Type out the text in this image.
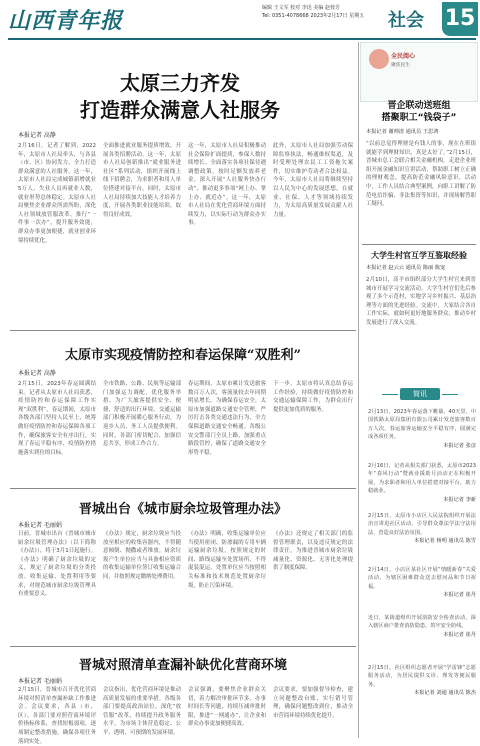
山西青年报	编辑 王文军 校对 李迅 美编 赵蓉芳
Tel: 0351-4078668 2023年2月17日 星期五	社会 15
太原三力齐发
打造群众满意人社服务
本报记者 高静
2月16日，记者了解到，2022年，太原市人社局牵头，与各县（市、区）协同发力，全力打造群众满意的人社服务。这一年，太原市人社局完成城镇新增就业5万人、失业人员再就业人数，就业形势总体稳定。太原市人社局聚焦企业群众所需所盼，深化人社领域放管服改革，推行“一件事一次办”，提升服务效能，群众办事更加便捷，就业创业环境持续优化。
全面推进就业服务提质增效，开展各类招聘活动。这一年，太原市人社局创新推出“就业服务进社区”系列活动，组织开展线上线下招聘会，为求职者和用人单位搭建对接平台。同时，太原市人社局持续加大技能人才培养力度，开展各类职业技能培训，取得良好成效。
这一年，太原市人社局积极推动社会保险扩面提质，参保人数持续增长。全面落实各项社保待遇调整政策，按时足额发放养老金。深入开展“人社服务快办行动”，推动更多事项“网上办、掌上办、就近办”。这一年，太原市人社局在优化营商环境方面持续发力，以实际行动为群众办实事。
此外，太原市人社局加强劳动保障监察执法，畅通维权渠道，及时受理处理农民工工资拖欠案件，切实维护劳动者合法权益。今年，太原市人社局将继续坚持以人民为中心的发展思想，在就业、社保、人才等领域持续发力，为太原高质量发展贡献人社力量。
太原市实现疫情防控和春运保障“双胜利”
本报记者 高静
2月15日，2023年春运圆满结束。记者从太原市人社局获悉，疫情防控和春运保障工作实现“双胜利”。春运期间，太原市各级各部门坚持人民至上，统筹做好疫情防控和春运保障各项工作，确保旅客安全有序出行，实现了春运平稳有序、疫情防控措施落实到位的目标。
全市铁路、公路、民航等运输部门加强运力调配，优化服务举措，为广大旅客提供安全、便捷、舒适的出行环境。交通运输部门积极开展暖心服务行动，为返乡人员、务工人员提供便利。同时，各部门密切配合，加强信息共享，形成工作合力。
春运期间，太原市累计发送旅客数百万人次，客流量较去年同期明显增长。为确保春运安全，太原市加强道路交通安全管理，严厉打击各类交通违法行为，全力保障道路交通安全畅通。各级公安交警部门全员上路，加强重点路段管控，确保了道路交通安全形势平稳。
下一步，太原市将认真总结春运工作经验，持续做好疫情防控和交通运输保障工作，为群众出行提供更加优质的服务。
晋城出台《城市厨余垃圾管理办法》
本报记者 毛丽娟
日前，晋城市出台《晋城市城市厨余垃圾管理办法》（以下简称《办法》），将于3月1日起施行。《办法》明确了厨余垃圾的定义，规定了厨余垃圾的分类投放、收集运输、处置利用等要求，对规范城市厨余垃圾管理具有重要意义。
《办法》规定，厨余垃圾应当投放至相应的收集容器内，不得随意倾倒、抛撒或者堆放。厨余垃圾产生单位应当与具备相应资质的收集运输单位签订收集运输合同，并按照规定缴纳处理费用。
《办法》明确，收集运输单位应当使用密闭、防渗漏的专用车辆运输厨余垃圾，按照规定的时间、路线运输至处置场所，不得混装混运。处置单位应当按照相关标准和技术规范处置厨余垃圾，防止污染环境。
《办法》还规定了相关部门的监督管理职责，以及违反规定的法律责任，为推进晋城市厨余垃圾减量化、资源化、无害化处理提供了制度保障。
晋城对照清单查漏补缺优化营商环境
本报记者 毛丽娟
2月15日，晋城市召开优化营商环境对照清单查漏补缺工作推进会。会议要求，各县（市、区）、各部门要对照营商环境评价指标体系，查找短板弱项，逐项制定整改措施，确保各项任务落到实处。
会议指出，优化营商环境是推动高质量发展的重要举措。各级各部门要提高政治站位，深化“放管服”改革，持续提升政务服务水平，为市场主体营造稳定、公平、透明、可预期的发展环境。
会议强调，要聚焦企业群众关切，着力解决审批环节多、办事时间长等问题，持续压减审批时限，推进“一网通办”，让企业和群众办事更加便捷高效。
会议要求，要加强督导检查，建立问题整改台账，实行销号管理，确保问题整改到位，推动全市营商环境持续优化提升。
全民阅心
聚焦民生
晋企联动送班组
搭聚职工“钱袋子”
本报记者 谢帅清 通讯员 王思鸿
“以前总觉得理财是有钱人的事，现在在班组就能学到理财知识，真是太好了。”2月15日，晋城市总工会联合相关金融机构，走进企业班组开展金融知识宣讲活动，帮助职工树立正确的理财观念，提高防范金融风险意识。活动中，工作人员结合典型案例，向职工讲解了防范电信诈骗、非法集资等知识，并现场解答职工疑问。
大学生村官互学互鉴取经验
本报记者 赵云云 通讯员 陈丽 陈宠
2月10日，高平市组织部分大学生村官来到晋城市开展学习交流活动。大学生村官们先后参观了多个示范村，实地学习乡村振兴、基层治理等方面的先进经验。交流中，大家结合各自工作实际，就如何更好地服务群众、推动乡村发展进行了深入交流。
简讯
2月13日，2023年春运落下帷幕。40天里，中国铁路太原局集团有限公司累计发送旅客数百万人次，春运旅客运输安全平稳有序，圆满完成各项任务。
本报记者 张彦
2月16日，记者从相关部门获悉，太原市2023年“春风行动”暨就业援助月活动正在积极开展，为求职者和用人单位搭建对接平台，助力稳就业。
本报记者 李新
2月15日，太原市小店区人民法院组织开展法治宣讲进社区活动，引导群众尊法学法守法用法，营造良好法治氛围。
本报记者 杨明 通讯员 陈雪
2月14日，小店区某社区开展“情暖新春”关爱活动，为辖区困难群众送去慰问品和节日祝福。
本报记者 崔丹
近日，某街道组织开展消防安全检查活动，深入辖区商户排查消防隐患，筑牢安全防线。
本报记者 崔丹
2月15日，社区组织志愿者开展“学雷锋”志愿服务活动，为居民提供义诊、理发等便民服务。
本报记者 刘通 通讯员 陈杰
